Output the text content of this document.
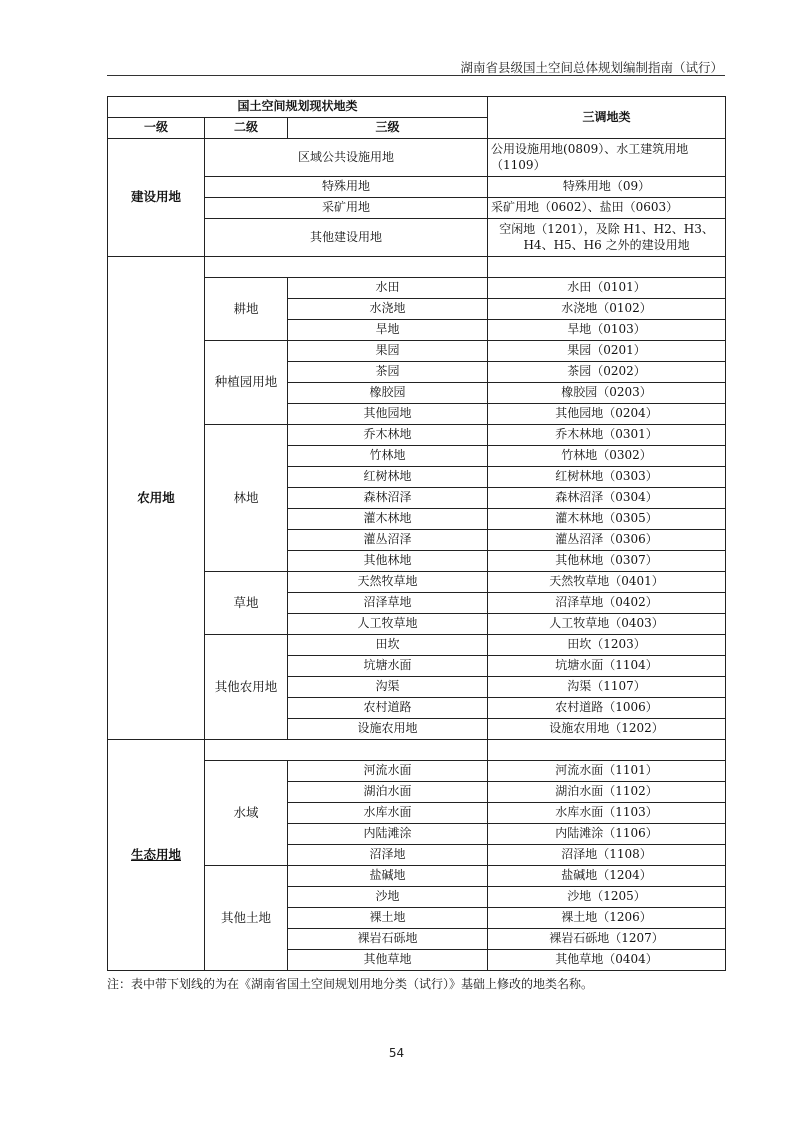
湖南省县级国土空间总体规划编制指南（试行）
国土空间规划现状地类			三调地类
一级	二级	三级	
建设用地	区域公共设施用地		公用设施用地(0809）、水工建筑用地（1109）
	特殊用地		特殊用地（09）
	采矿用地		采矿用地（0602）、盐田（0603）
	其他建设用地		空闲地（1201），及除 H1、H2、H3、H4、H5、H6 之外的建设用地
农用地			
	耕地	水田	水田（0101）
		水浇地	水浇地（0102）
		旱地	旱地（0103）
	种植园用地	果园	果园（0201）
		茶园	茶园（0202）
		橡胶园	橡胶园（0203）
		其他园地	其他园地（0204）
	林地	乔木林地	乔木林地（0301）
		竹林地	竹林地（0302）
		红树林地	红树林地（0303）
		森林沼泽	森林沼泽（0304）
		灌木林地	灌木林地（0305）
		灌丛沼泽	灌丛沼泽（0306）
		其他林地	其他林地（0307）
	草地	天然牧草地	天然牧草地（0401）
		沼泽草地	沼泽草地（0402）
		人工牧草地	人工牧草地（0403）
	其他农用地	田坎	田坎（1203）
		坑塘水面	坑塘水面（1104）
		沟渠	沟渠（1107）
		农村道路	农村道路（1006）
		设施农用地	设施农用地（1202）
生态用地			
	水域	河流水面	河流水面（1101）
		湖泊水面	湖泊水面（1102）
		水库水面	水库水面（1103）
		内陆滩涂	内陆滩涂（1106）
		沼泽地	沼泽地（1108）
	其他土地	盐碱地	盐碱地（1204）
		沙地	沙地（1205）
		裸土地	裸土地（1206）
		裸岩石砾地	裸岩石砾地（1207）
		其他草地	其他草地（0404）
注：表中带下划线的为在《湖南省国土空间规划用地分类（试行）》基础上修改的地类名称。
54
